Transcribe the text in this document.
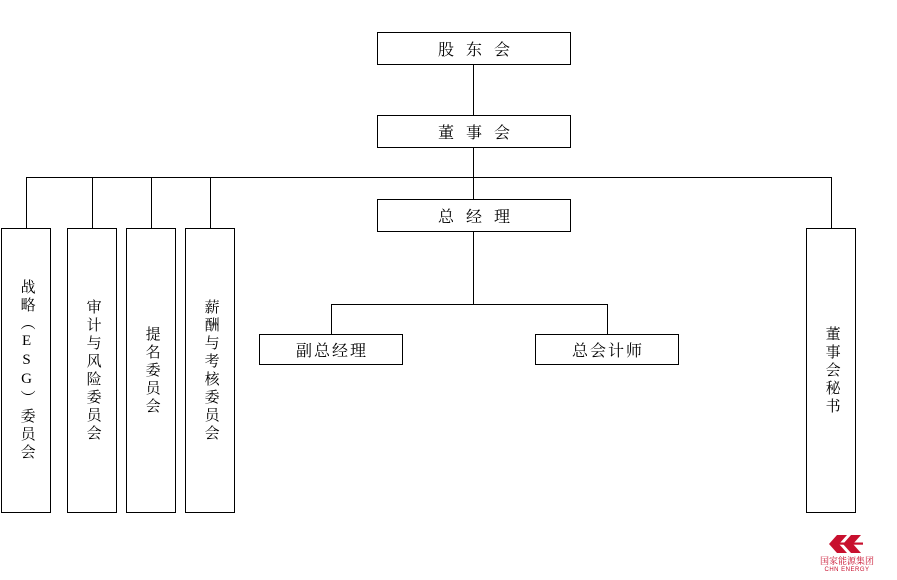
股 东 会
董 事 会
总 经 理
副总经理	总会计师
战略（ESG）委员会	审计与风险委员会	提名委员会	薪酬与考核委员会	董事会秘书
国家能源集团
CHN ENERGY
